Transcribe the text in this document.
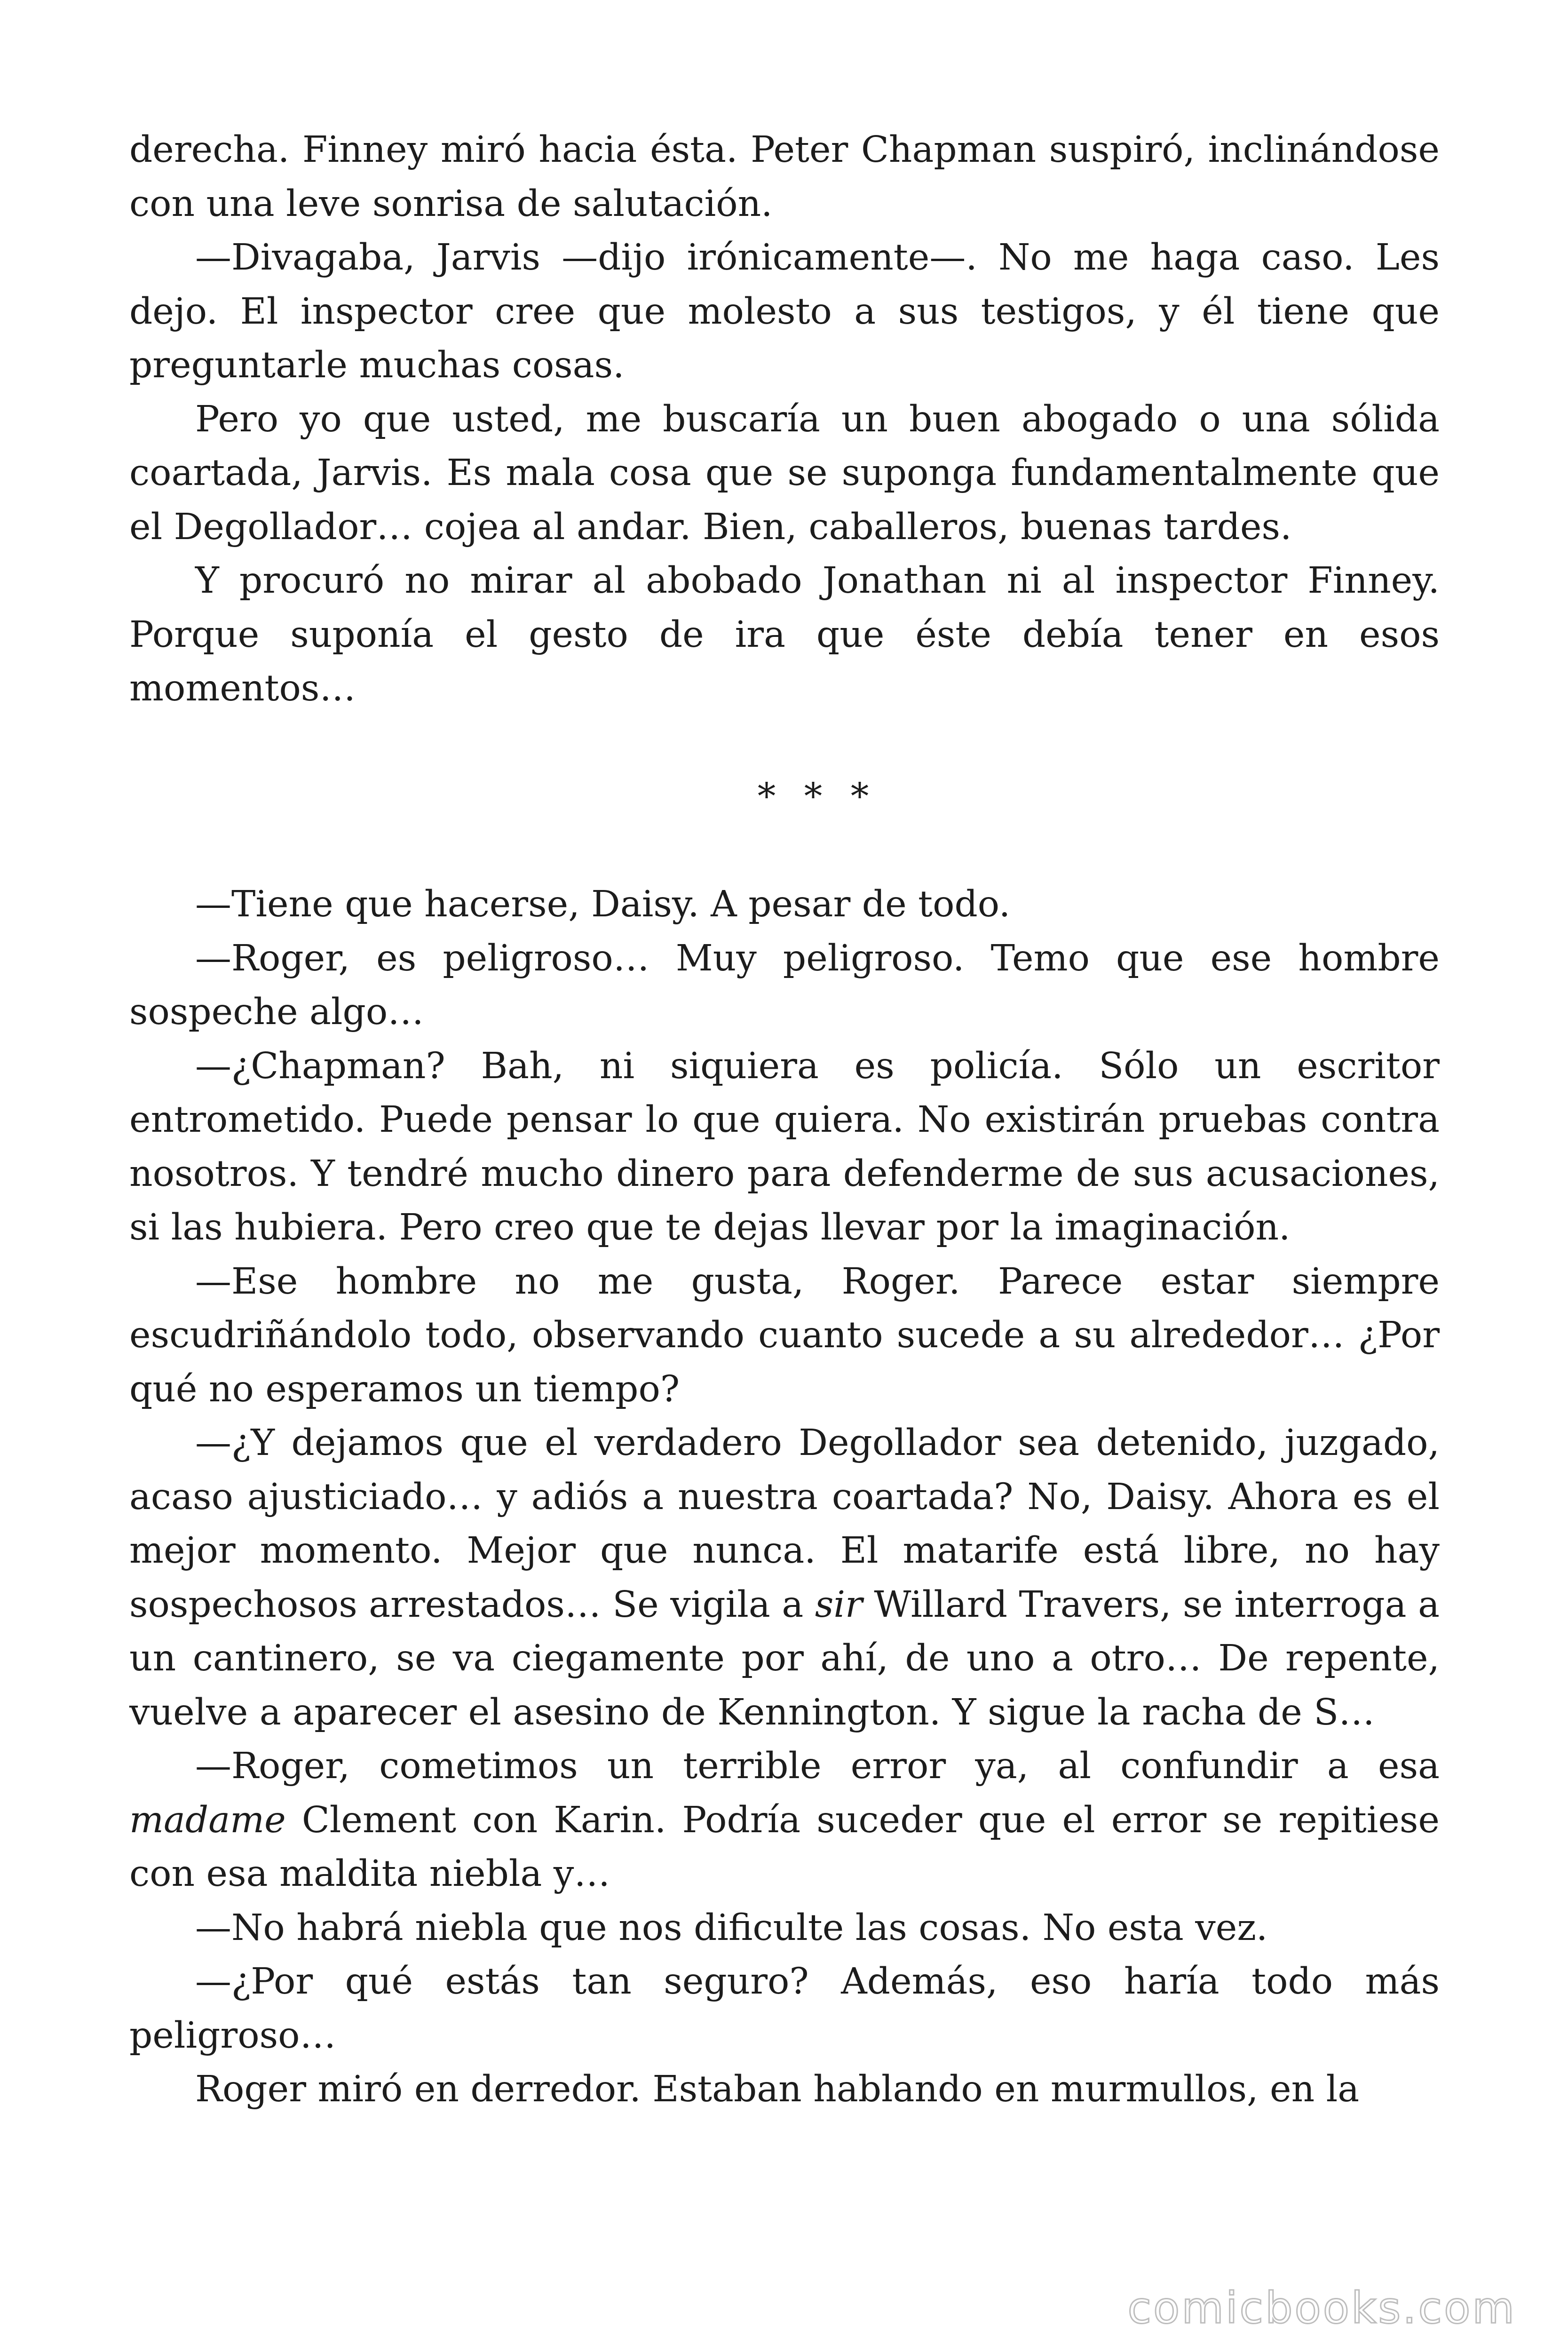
derecha. Finney miró hacia ésta. Peter Chapman suspiró, inclinándose con una leve sonrisa de salutación.

—Divagaba, Jarvis —dijo irónicamente—. No me haga caso. Les dejo. El inspector cree que molesto a sus testigos, y él tiene que preguntarle muchas cosas.

Pero yo que usted, me buscaría un buen abogado o una sólida coartada, Jarvis. Es mala cosa que se suponga fundamentalmente que el Degollador… cojea al andar. Bien, caballeros, buenas tardes.

Y procuró no mirar al abobado Jonathan ni al inspector Finney. Porque suponía el gesto de ira que éste debía tener en esos momentos…

* * *

—Tiene que hacerse, Daisy. A pesar de todo.

—Roger, es peligroso… Muy peligroso. Temo que ese hombre sospeche algo…

—¿Chapman? Bah, ni siquiera es policía. Sólo un escritor entrometido. Puede pensar lo que quiera. No existirán pruebas contra nosotros. Y tendré mucho dinero para defenderme de sus acusaciones, si las hubiera. Pero creo que te dejas llevar por la imaginación.

—Ese hombre no me gusta, Roger. Parece estar siempre escudriñándolo todo, observando cuanto sucede a su alrededor… ¿Por qué no esperamos un tiempo?

—¿Y dejamos que el verdadero Degollador sea detenido, juzgado, acaso ajusticiado… y adiós a nuestra coartada? No, Daisy. Ahora es el mejor momento. Mejor que nunca. El matarife está libre, no hay sospechosos arrestados… Se vigila a sir Willard Travers, se interroga a un cantinero, se va ciegamente por ahí, de uno a otro… De repente, vuelve a aparecer el asesino de Kennington. Y sigue la racha de S…

—Roger, cometimos un terrible error ya, al confundir a esa madame Clement con Karin. Podría suceder que el error se repitiese con esa maldita niebla y…

—No habrá niebla que nos dificulte las cosas. No esta vez.

—¿Por qué estás tan seguro? Además, eso haría todo más peligroso…

Roger miró en derredor. Estaban hablando en murmullos, en la

comicbooks.com
